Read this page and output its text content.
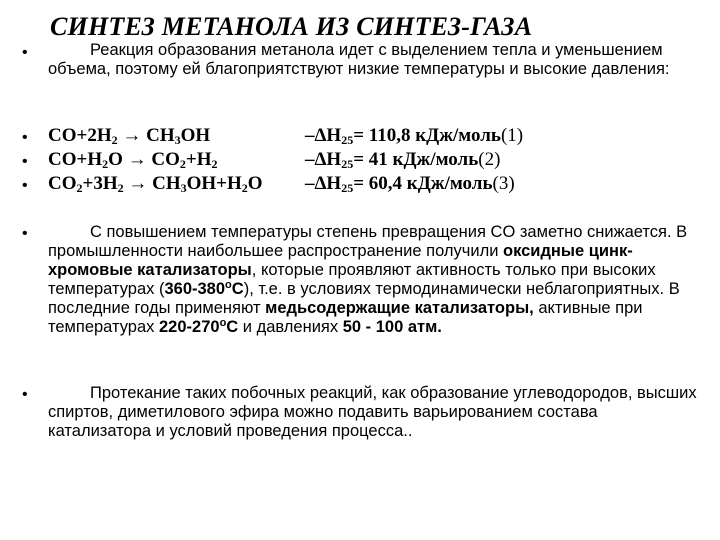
СИНТЕЗ МЕТАНОЛА ИЗ СИНТЕЗ-ГАЗА
•	Реакция образования метанола идет с выделением тепла и уменьшением объема, поэтому ей благоприятствуют низкие температуры и высокие давления:
• $CO+2H_2 \to CH_3OH$	$-\Delta H_{25}= 110,8$ кДж/моль(1)
• $CO+H_2O \to CO_2+H_2$	$-\Delta H_{25}= 41$ кДж/моль(2)
• $CO_2+3H_2 \to CH_3OH+H_2O$ $-\Delta H_{25}= 60,4$ кДж/моль(3)
•	С повышением температуры степень превращения CO заметно снижается. В промышленности наибольшее распространение получили оксидные цинк-хромовые катализаторы, которые проявляют активность только при высоких температурах $(360-380^оС)$, т.е. в условиях термодинамически неблагоприятных. В последние годы применяют медьсодержащие катализаторы, активные при температурах $220-270^оС$ и давлениях 50 - 100 атм.
•	Протекание таких побочных реакций, как образование углеводородов, высших спиртов, диметилового эфира можно подавить варьированием состава катализатора и условий проведения процесса..
